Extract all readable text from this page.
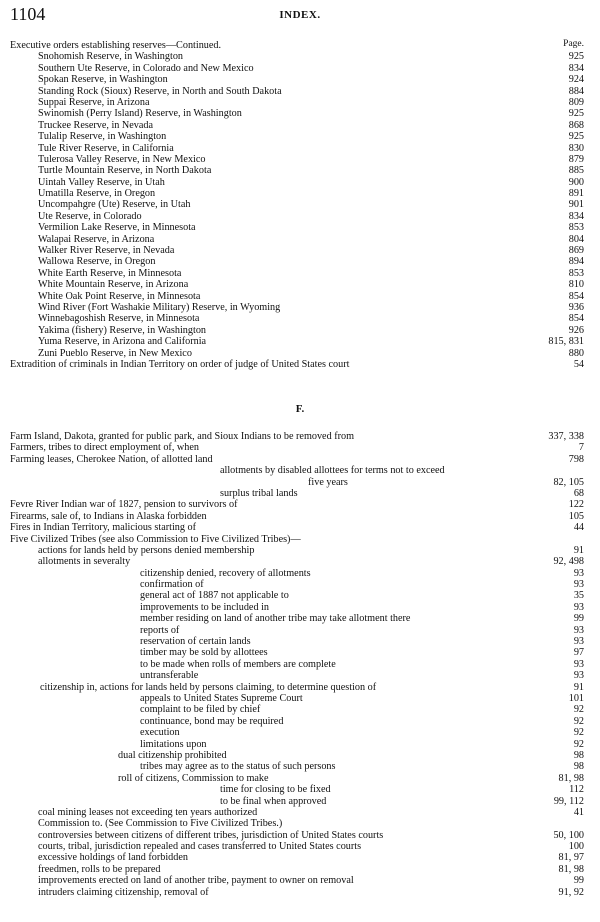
1104	INDEX.
Page.
Executive orders establishing reserves—Continued.
Snohomish Reserve, in Washington	925
Southern Ute Reserve, in Colorado and New Mexico	834
Spokan Reserve, in Washington	924
Standing Rock (Sioux) Reserve, in North and South Dakota	884
Suppai Reserve, in Arizona	809
Swinomish (Perry Island) Reserve, in Washington	925
Truckee Reserve, in Nevada	868
Tulalip Reserve, in Washington	925
Tule River Reserve, in California	830
Tulerosa Valley Reserve, in New Mexico	879
Turtle Mountain Reserve, in North Dakota	885
Uintah Valley Reserve, in Utah	900
Umatilla Reserve, in Oregon	891
Uncompahgre (Ute) Reserve, in Utah	901
Ute Reserve, in Colorado	834
Vermilion Lake Reserve, in Minnesota	853
Walapai Reserve, in Arizona	804
Walker River Reserve, in Nevada	869
Wallowa Reserve, in Oregon	894
White Earth Reserve, in Minnesota	853
White Mountain Reserve, in Arizona	810
White Oak Point Reserve, in Minnesota	854
Wind River (Fort Washakie Military) Reserve, in Wyoming	936
Winnebagoshish Reserve, in Minnesota	854
Yakima (fishery) Reserve, in Washington	926
Yuma Reserve, in Arizona and California	815, 831
Zuni Pueblo Reserve, in New Mexico	880
Extradition of criminals in Indian Territory on order of judge of United States court	54
F.
Farm Island, Dakota, granted for public park, and Sioux Indians to be removed from	337, 338
Farmers, tribes to direct employment of, when	7
Farming leases, Cherokee Nation, of allotted land	798
allotments by disabled allottees for terms not to exceed
five years	82, 105
surplus tribal lands	68
Fevre River Indian war of 1827, pension to survivors of	122
Firearms, sale of, to Indians in Alaska forbidden	105
Fires in Indian Territory, malicious starting of	44
Five Civilized Tribes (see also Commission to Five Civilized Tribes)—
actions for lands held by persons denied membership	91
allotments in severalty	92, 498
citizenship denied, recovery of allotments	93
confirmation of	93
general act of 1887 not applicable to	35
improvements to be included in	93
member residing on land of another tribe may take allotment there	99
reports of	93
reservation of certain lands	93
timber may be sold by allottees	97
to be made when rolls of members are complete	93
untransferable	93
citizenship in, actions for lands held by persons claiming, to determine question of	91
appeals to United States Supreme Court	101
complaint to be filed by chief	92
continuance, bond may be required	92
execution	92
limitations upon	92
dual citizenship prohibited	98
tribes may agree as to the status of such persons	98
roll of citizens, Commission to make	81, 98
time for closing to be fixed	112
to be final when approved	99, 112
coal mining leases not exceeding ten years authorized	41
Commission to. (See Commission to Five Civilized Tribes.)
controversies between citizens of different tribes, jurisdiction of United States courts	50, 100
courts, tribal, jurisdiction repealed and cases transferred to United States courts	100
excessive holdings of land forbidden	81, 97
freedmen, rolls to be prepared	81, 98
improvements erected on land of another tribe, payment to owner on removal	99
intruders claiming citizenship, removal of	91, 92
